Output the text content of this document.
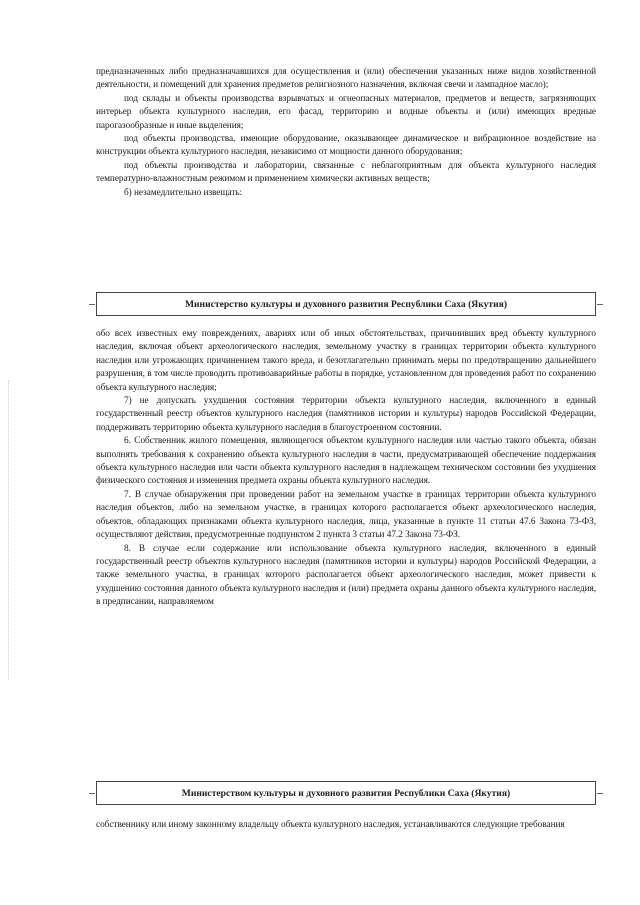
предназначенных либо предназначавшихся для осуществления и (или) обеспечения указанных ниже видов хозяйственной деятельности, и помещений для хранения предметов религиозного назначения, включая свечи и лампадное масло);

под склады и объекты производства взрывчатых и огнеопасных материалов, предметов и веществ, загрязняющих интерьер объекта культурного наследия, его фасад, территорию и водные объекты и (или) имеющих вредные парогазообразные и иные выделения;

под объекты производства, имеющие оборудование, оказывающее динамическое и вибрационное воздействие на конструкции объекта культурного наследия, независимо от мощности данного оборудования;

под объекты производства и лаборатории, связанные с неблагоприятным для объекта культурного наследия температурно-влажностным режимом и применением химически активных веществ;

б) незамедлительно извещать:

Министерство культуры и духовного развития Республики Саха (Якутия)

обо всех известных ему повреждениях, авариях или об иных обстоятельствах, причинивших вред объекту культурного наследия, включая объект археологического наследия, земельному участку в границах территории объекта культурного наследия или угрожающих причинением такого вреда, и безотлагательно принимать меры по предотвращению дальнейшего разрушения, в том числе проводить противоаварийные работы в порядке, установленном для проведения работ по сохранению объекта культурного наследия;

7) не допускать ухудшения состояния территории объекта культурного наследия, включенного в единый государственный реестр объектов культурного наследия (памятников истории и культуры) народов Российской Федерации, поддерживать территорию объекта культурного наследия в благоустроенном состоянии.

6. Собственник жилого помещения, являющегося объектом культурного наследия или частью такого объекта, обязан выполнять требования к сохранению объекта культурного наследия в части, предусматривающей обеспечение поддержания объекта культурного наследия или части объекта культурного наследия в надлежащем техническом состоянии без ухудшения физического состояния и изменения предмета охраны объекта культурного наследия.

7. В случае обнаружения при проведении работ на земельном участке в границах территории объекта культурного наследия объектов, либо на земельном участке, в границах которого располагается объект археологического наследия, объектов, обладающих признаками объекта культурного наследия, лица, указанные в пункте 11 статьи 47.6 Закона 73-ФЗ, осуществляют действия, предусмотренные подпунктом 2 пункта 3 статьи 47.2 Закона 73-ФЗ.

8. В случае если содержание или использование объекта культурного наследия, включенного в единый государственный реестр объектов культурного наследия (памятников истории и культуры) народов Российской Федерации, а также земельного участка, в границах которого располагается объект археологического наследия, может привести к ухудшению состояния данного объекта культурного наследия и (или) предмета охраны данного объекта культурного наследия, в предписании, направляемом

Министерством культуры и духовного развития Республики Саха (Якутия)

собственнику или иному законному владельцу объекта культурного наследия, устанавливаются следующие требования
